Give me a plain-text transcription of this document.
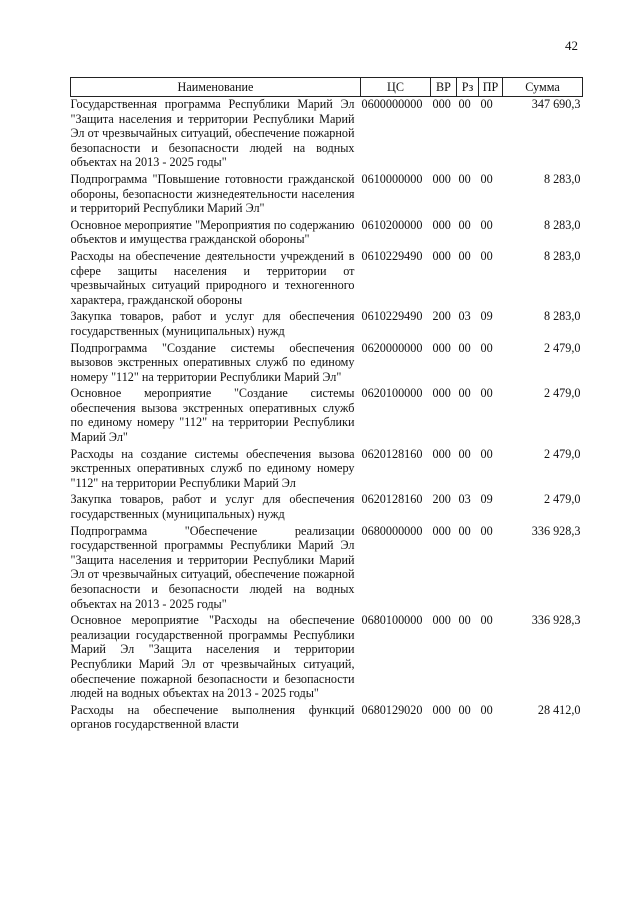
42
Наименование	ЦС	ВР	Рз	ПР	Сумма
Государственная программа Республики Марий Эл "Защита населения и территории Республики Марий Эл от чрезвычайных ситуаций, обеспечение пожарной безопасности и безопасности людей на водных объектах на 2013 - 2025 годы"	0600000000	000	00	00	347 690,3
Подпрограмма "Повышение готовности гражданской обороны, безопасности жизнедеятельности населения и территорий Республики Марий Эл"	0610000000	000	00	00	8 283,0
Основное мероприятие "Мероприятия по содержанию объектов и имущества гражданской обороны"	0610200000	000	00	00	8 283,0
Расходы на обеспечение деятельности учреждений в сфере защиты населения и территории от чрезвычайных ситуаций природного и техногенного характера, гражданской обороны	0610229490	000	00	00	8 283,0
Закупка товаров, работ и услуг для обеспечения государственных (муниципальных) нужд	0610229490	200	03	09	8 283,0
Подпрограмма "Создание системы обеспечения вызовов экстренных оперативных служб по единому номеру "112" на территории Республики Марий Эл"	0620000000	000	00	00	2 479,0
Основное мероприятие "Создание системы обеспечения вызова экстренных оперативных служб по единому номеру "112" на территории Республики Марий Эл"	0620100000	000	00	00	2 479,0
Расходы на создание системы обеспечения вызова экстренных оперативных служб по единому номеру "112" на территории Республики Марий Эл	0620128160	000	00	00	2 479,0
Закупка товаров, работ и услуг для обеспечения государственных (муниципальных) нужд	0620128160	200	03	09	2 479,0
Подпрограмма "Обеспечение реализации государственной программы Республики Марий Эл "Защита населения и территории Республики Марий Эл от чрезвычайных ситуаций, обеспечение пожарной безопасности и безопасности людей на водных объектах на 2013 - 2025 годы"	0680000000	000	00	00	336 928,3
Основное мероприятие "Расходы на обеспечение реализации государственной программы Республики Марий Эл "Защита населения и территории Республики Марий Эл от чрезвычайных ситуаций, обеспечение пожарной безопасности и безопасности людей на водных объектах на 2013 - 2025 годы"	0680100000	000	00	00	336 928,3
Расходы на обеспечение выполнения функций органов государственной власти	0680129020	000	00	00	28 412,0
